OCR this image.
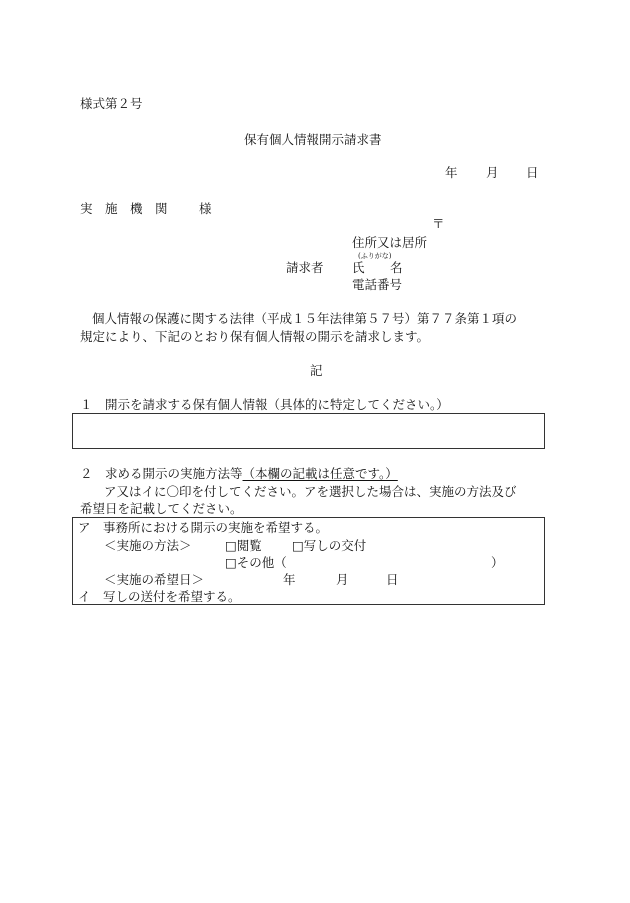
様式第２号
保有個人情報開示請求書
年 月 日
実　施　機　関	様
〒
住所又は居所
(ふりがな)
請求者 氏 名
電話番号
個人情報の保護に関する法律（平成１５年法律第５７号）第７７条第１項の
規定により、下記のとおり保有個人情報の開示を請求します。
記
１　開示を請求する保有個人情報（具体的に特定してください。）
２　求める開示の実施方法等（本欄の記載は任意です。）
ア又はイに〇印を付してください。アを選択した場合は、実施の方法及び
希望日を記載してください。
ア　事務所における開示の実施を希望する。
＜実施の方法＞	□閲覧 □写しの交付
□その他（	）
＜実施の希望日＞	年	月	日
イ　写しの送付を希望する。
